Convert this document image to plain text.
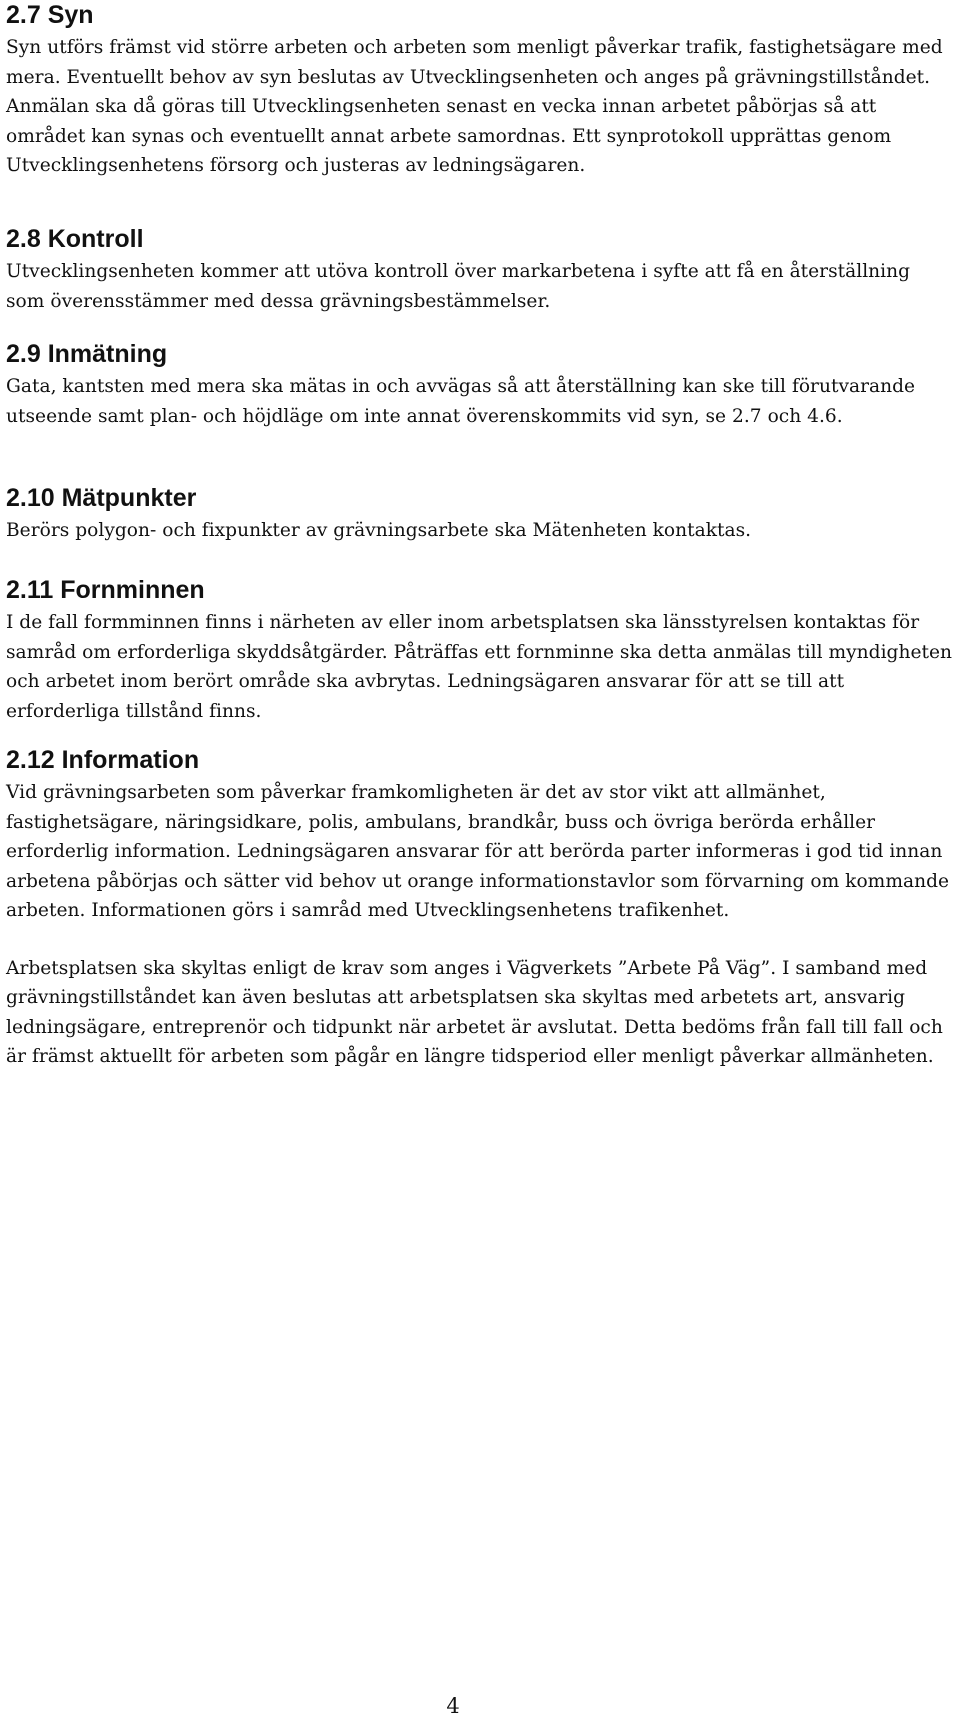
2.7 Syn

Syn utförs främst vid större arbeten och arbeten som menligt påverkar trafik, fastighetsägare med mera. Eventuellt behov av syn beslutas av Utvecklingsenheten och anges på grävningstillståndet. Anmälan ska då göras till Utvecklingsenheten senast en vecka innan arbetet påbörjas så att området kan synas och eventuellt annat arbete samordnas. Ett synprotokoll upprättas genom Utvecklingsenhetens försorg och justeras av ledningsägaren.

2.8 Kontroll

Utvecklingsenheten kommer att utöva kontroll över markarbetena i syfte att få en återställning som överensstämmer med dessa grävningsbestämmelser.

2.9 Inmätning

Gata, kantsten med mera ska mätas in och avvägas så att återställning kan ske till förutvarande utseende samt plan- och höjdläge om inte annat överenskommits vid syn, se 2.7 och 4.6.

2.10 Mätpunkter

Berörs polygon- och fixpunkter av grävningsarbete ska Mätenheten kontaktas.

2.11 Fornminnen

I de fall formminnen finns i närheten av eller inom arbetsplatsen ska länsstyrelsen kontaktas för samråd om erforderliga skyddsåtgärder. Påträffas ett fornminne ska detta anmälas till myndigheten och arbetet inom berört område ska avbrytas. Ledningsägaren ansvarar för att se till att erforderliga tillstånd finns.

2.12 Information

Vid grävningsarbeten som påverkar framkomligheten är det av stor vikt att allmänhet, fastighetsägare, näringsidkare, polis, ambulans, brandkår, buss och övriga berörda erhåller erforderlig information. Ledningsägaren ansvarar för att berörda parter informeras i god tid innan arbetena påbörjas och sätter vid behov ut orange informationstavlor som förvarning om kommande arbeten. Informationen görs i samråd med Utvecklingsenhetens trafikenhet.

Arbetsplatsen ska skyltas enligt de krav som anges i Vägverkets ”Arbete På Väg”. I samband med grävningstillståndet kan även beslutas att arbetsplatsen ska skyltas med arbetets art, ansvarig ledningsägare, entreprenör och tidpunkt när arbetet är avslutat. Detta bedöms från fall till fall och är främst aktuellt för arbeten som pågår en längre tidsperiod eller menligt påverkar allmänheten.

4
